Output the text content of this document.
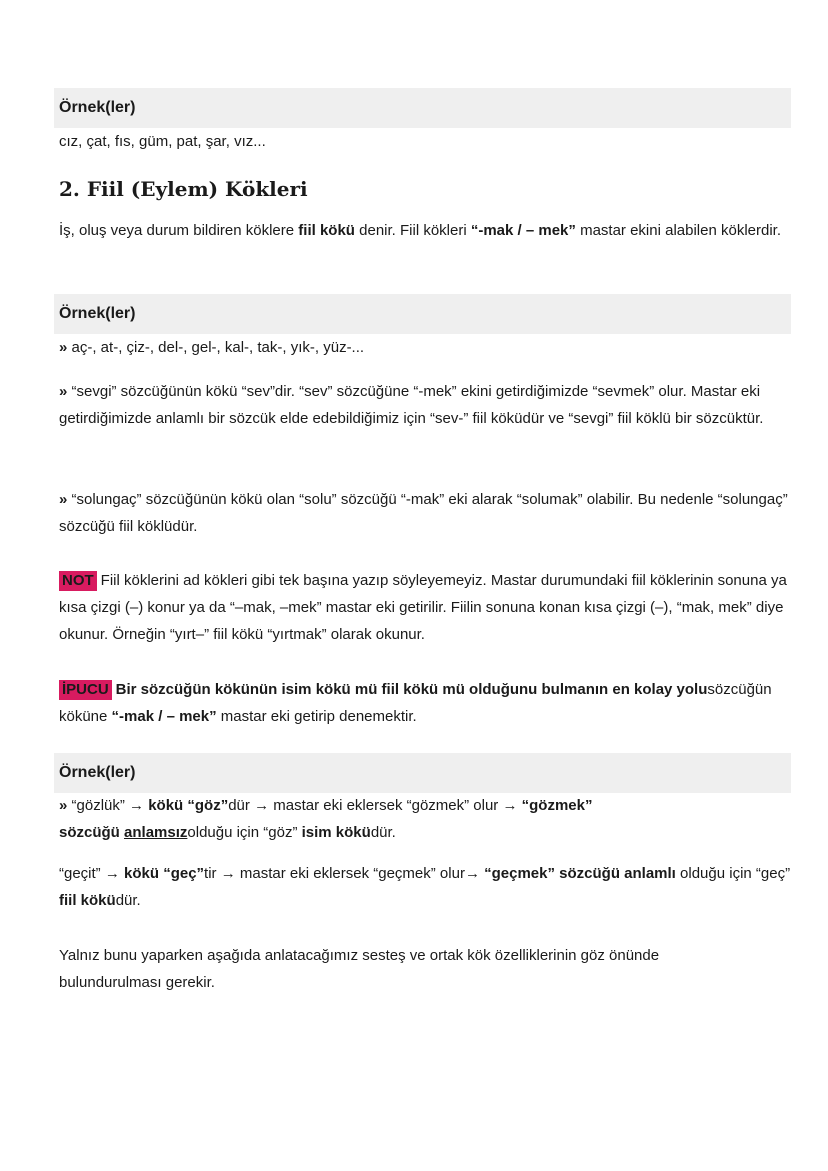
Örnek(ler)
cız, çat, fıs, güm, pat, şar, vız...
2. Fiil (Eylem) Kökleri
İş, oluş veya durum bildiren köklere fiil kökü denir. Fiil kökleri “-mak / – mek” mastar ekini alabilen köklerdir.
Örnek(ler)
» aç-, at-, çiz-, del-, gel-, kal-, tak-, yık-, yüz-...
» “sevgi” sözcüğünün kökü “sev”dir. “sev” sözcüğüne “-mek” ekini getirdiğimizde “sevmek” olur. Mastar eki getirdiğimizde anlamlı bir sözcük elde edebildiğimiz için “sev-” fiil köküdür ve “sevgi” fiil köklü bir sözcüktür.
» “solungaç” sözcüğünün kökü olan “solu” sözcüğü “-mak” eki alarak “solumak” olabilir. Bu nedenle “solungaç” sözcüğü fiil köklüdür.
NOT Fiil köklerini ad kökleri gibi tek başına yazıp söyleyemeyiz. Mastar durumundaki fiil köklerinin sonuna ya kısa çizgi (–) konur ya da “–mak, –mek” mastar eki getirilir. Fiilin sonuna konan kısa çizgi (–), “mak, mek” diye okunur. Örneğin “yırt–” fiil kökü “yırtmak” olarak okunur.
İPUCU Bir sözcüğün kökünün isim kökü mü fiil kökü mü olduğunu bulmanın en kolay yolusözcüğün köküne “-mak / – mek” mastar eki getirip denemektir.
Örnek(ler)
» “gözlük” → kökü “göz”dür → mastar eki eklersek “gözmek” olur → “gözmek” sözcüğü anlamsızolduğu için “göz” isim köküdür.
“geçit” → kökü “geç”tir → mastar eki eklersek “geçmek” olur→ “geçmek” sözcüğü anlamlı olduğu için “geç” fiil köküdür.
Yalnız bunu yaparken aşağıda anlatacağımız sesteş ve ortak kök özelliklerinin göz önünde bulundurulması gerekir.
